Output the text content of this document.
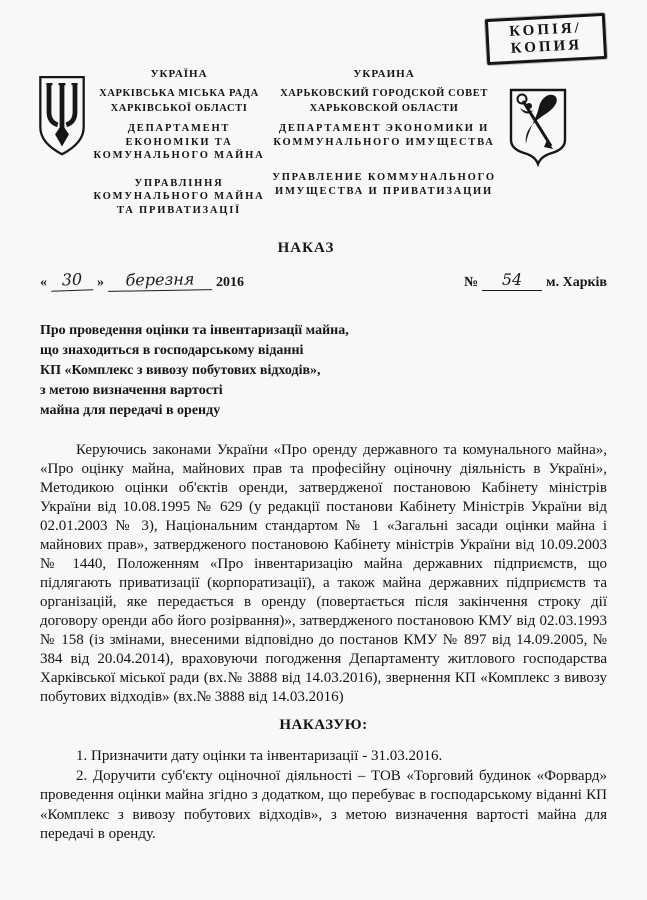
КОПІЯ/
КОПИЯ
УКРАЇНА
ХАРКІВСЬКА МІСЬКА РАДА
ХАРКІВСЬКОЇ ОБЛАСТІ
ДЕПАРТАМЕНТ
ЕКОНОМІКИ ТА
КОМУНАЛЬНОГО МАЙНА
УПРАВЛІННЯ
КОМУНАЛЬНОГО МАЙНА
ТА ПРИВАТИЗАЦІЇ
УКРАИНА
ХАРЬКОВСКИЙ ГОРОДСКОЙ СОВЕТ
ХАРЬКОВСКОЙ ОБЛАСТИ
ДЕПАРТАМЕНТ ЭКОНОМИКИ И
КОММУНАЛЬНОГО ИМУЩЕСТВА
УПРАВЛЕНИЕ КОММУНАЛЬНОГО
ИМУЩЕСТВА И ПРИВАТИЗАЦИИ
НАКАЗ
« 30	»	березня	2016	№	54	м. Харків
Про проведення оцінки та інвентаризації майна,
що знаходиться в господарському віданні
КП «Комплекс з вивозу побутових відходів»,
з метою визначення вартості
майна для передачі в оренду

Керуючись законами України «Про оренду державного та комунального майна», «Про оцінку майна, майнових прав та професійну оціночну діяльність в Україні», Методикою оцінки об'єктів оренди, затвердженої постановою Кабінету міністрів України від 10.08.1995 № 629 (у редакції постанови Кабінету Міністрів України від 02.01.2003 № 3), Національним стандартом № 1 «Загальні засади оцінки майна і майнових прав», затвердженого постановою Кабінету міністрів України від 10.09.2003 № 1440, Положенням «Про інвентаризацію майна державних підприємств, що підлягають приватизації (корпоратизації), а також майна державних підприємств та організацій, яке передається в оренду (повертається після закінчення строку дії договору оренди або його розірвання)», затвердженого постановою КМУ від 02.03.1993 № 158 (із змінами, внесеними відповідно до постанов КМУ № 897 від 14.09.2005, № 384 від 20.04.2014), враховуючи погодження Департаменту житлового господарства Харківської міської ради (вх.№ 3888 від 14.03.2016), звернення КП «Комплекс з вивозу побутових відходів» (вх.№ 3888 від 14.03.2016)

НАКАЗУЮ:

1. Призначити дату оцінки та інвентаризації - 31.03.2016.

2. Доручити суб'єкту оціночної діяльності – ТОВ «Торговий будинок «Форвард» проведення оцінки майна згідно з додатком, що перебуває в господарському віданні КП «Комплекс з вивозу побутових відходів», з метою визначення вартості майна для передачі в оренду.
